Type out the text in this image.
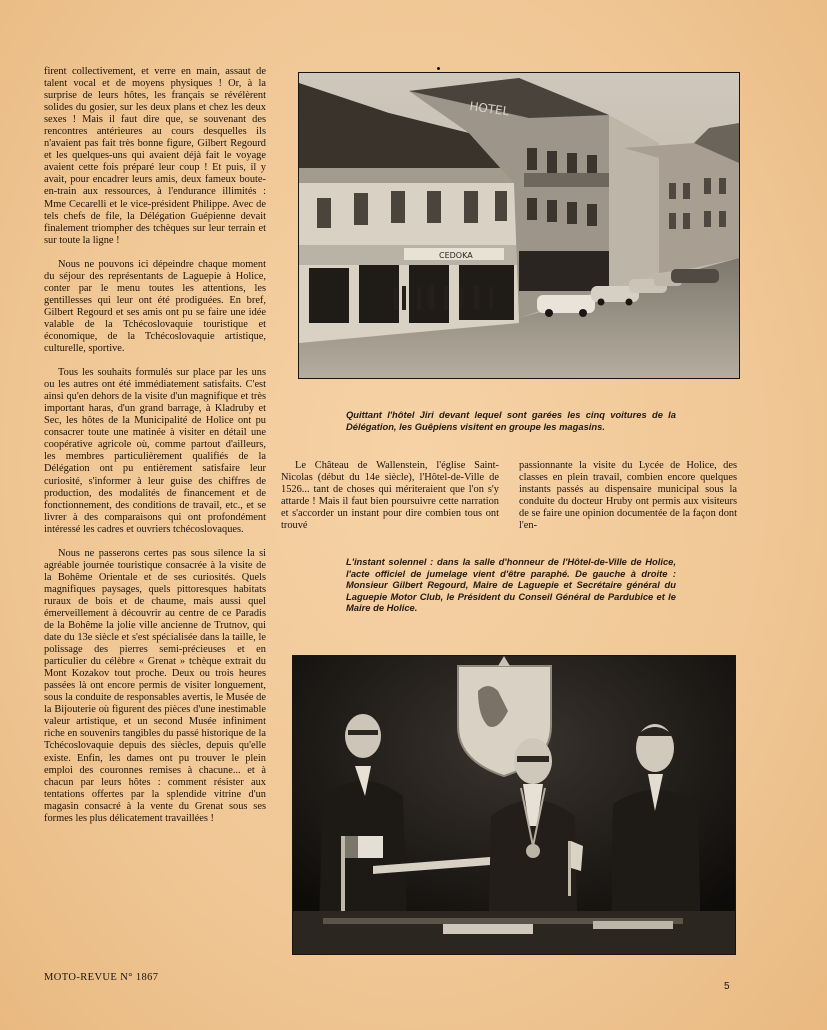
firent collectivement, et verre en main, assaut de talent vocal et de moyens physiques ! Or, à la surprise de leurs hôtes, les français se révélèrent solides du gosier, sur les deux plans et chez les deux sexes ! Mais il faut dire que, se souvenant des rencontres antérieures au cours desquelles ils n'avaient pas fait très bonne figure, Gilbert Regourd et les quelques-uns qui avaient déjà fait le voyage avaient cette fois préparé leur coup ! Et puis, il y avait, pour encadrer leurs amis, deux fameux boute-en-train aux ressources, à l'endurance illimités : Mme Cecarelli et le vice-président Philippe. Avec de tels chefs de file, la Délégation Guépienne devait finalement triompher des tchèques sur leur terrain et sur toute la ligne !

Nous ne pouvons ici dépeindre chaque moment du séjour des représentants de Laguepie à Holice, conter par le menu toutes les attentions, les gentillesses qui leur ont été prodiguées. En bref, Gilbert Regourd et ses amis ont pu se faire une idée valable de la Tchécoslovaquie touristique et économique, de la Tchécoslovaquie artistique, culturelle, sportive.

Tous les souhaits formulés sur place par les uns ou les autres ont été immédiatement satisfaits. C'est ainsi qu'en dehors de la visite d'un magnifique et très important haras, d'un grand barrage, à Kladruby et Sec, les hôtes de la Municipalité de Holice ont pu consacrer toute une matinée à visiter en détail une coopérative agricole où, comme partout d'ailleurs, les membres particulièrement qualifiés de la Délégation ont pu entièrement satisfaire leur curiosité, s'informer à leur guise des chiffres de production, des modalités de financement et de fonctionnement, des conditions de travail, etc., et se livrer à des comparaisons qui ont profondément intéressé les cadres et ouvriers tchécoslovaques.

Nous ne passerons certes pas sous silence la si agréable journée touristique consacrée à la visite de la Bohême Orientale et de ses curiosités. Quels magnifiques paysages, quels pittoresques habitats ruraux de bois et de chaume, mais aussi quel émerveillement à découvrir au centre de ce Paradis de la Bohême la jolie ville ancienne de Trutnov, qui date du 13e siècle et s'est spécialisée dans la taille, le polissage des pierres semi-précieuses et en particulier du célèbre « Grenat » tchèque extrait du Mont Kozakov tout proche. Deux ou trois heures passées là ont encore permis de visiter longuement, sous la conduite de responsables avertis, le Musée de la Bijouterie où figurent des pièces d'une inestimable valeur artistique, et un second Musée infiniment riche en souvenirs tangibles du passé historique de la Tchécoslovaquie depuis des siècles, depuis qu'elle existe. Enfin, les dames ont pu trouver le plein emploi des couronnes remises à chacune... et à chacun par leurs hôtes : comment résister aux tentations offertes par la splendide vitrine d'un magasin consacré à la vente du Grenat sous ses formes les plus délicatement travaillées !

CEDOKA
HOTEL
Quittant l'hôtel Jiri devant lequel sont garées les cinq voitures de la Délégation, les Guêpiens visitent en groupe les magasins.

Le Château de Wallenstein, l'église Saint-Nicolas (début du 14e siècle), l'Hôtel-de-Ville de 1526... tant de choses qui mériteraient que l'on s'y attarde ! Mais il faut bien poursuivre cette narration et s'accorder un instant pour dire combien tous ont trouvé

passionnante la visite du Lycée de Holice, des classes en plein travail, combien encore quelques instants passés au dispensaire municipal sous la conduite du docteur Hruby ont permis aux visiteurs de se faire une opinion documentée de la façon dont l'en-

L'instant solennel : dans la salle d'honneur de l'Hôtel-de-Ville de Holice, l'acte officiel de jumelage vient d'être paraphé. De gauche à droite : Monsieur Gilbert Regourd, Maire de Laguepie et Secrétaire général du Laguepie Motor Club, le Président du Conseil Général de Pardubice et le Maire de Holice.
MOTO-REVUE N° 1867
5
